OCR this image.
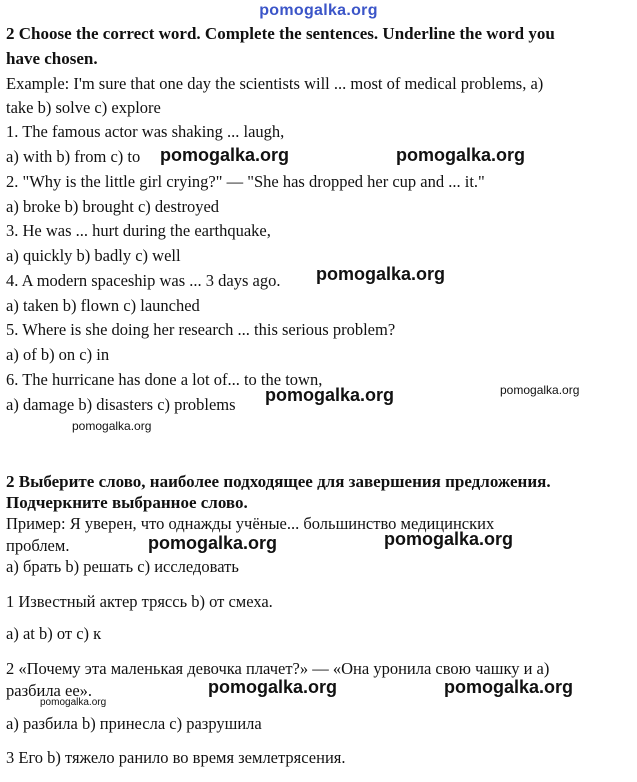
pomogalka.org
2 Choose the correct word. Complete the sentences. Underline the word you
have chosen.
Example: I'm sure that one day the scientists will ... most of medical problems, a)
take b) solve c) explore
1. The famous actor was shaking ... laugh,
a) with b) from c) to
2. "Why is the little girl crying?" — "She has dropped her cup and ... it."
a) broke b) brought c) destroyed
3. He was ... hurt during the earthquake,
a) quickly b) badly c) well
4. A modern spaceship was ... 3 days ago.
a) taken b) flown c) launched
5. Where is she doing her research ... this serious problem?
a) of b) on c) in
6. The hurricane has done a lot of... to the town,
a) damage b) disasters c) problems
2 Выберите слово, наиболее подходящее для завершения предложения.
Подчеркните выбранное слово.
Пример: Я уверен, что однажды учёные... большинство медицинских
проблем.
а) брать b) решать с) исследовать
1 Известный актер тряссь b) от смеха.
a) at b) от с) к
2 «Почему эта маленькая девочка плачет?» — «Она уронила свою чашку и а)
разбила ее».
а) разбила b) принесла с) разрушила
3 Его b) тяжело ранило во время землетрясения.
pomogalka.org	pomogalka.org
pomogalka.org
pomogalka.org	pomogalka.org
pomogalka.org
pomogalka.org	pomogalka.org
pomogalka.org	pomogalka.org
pomogalka.org
